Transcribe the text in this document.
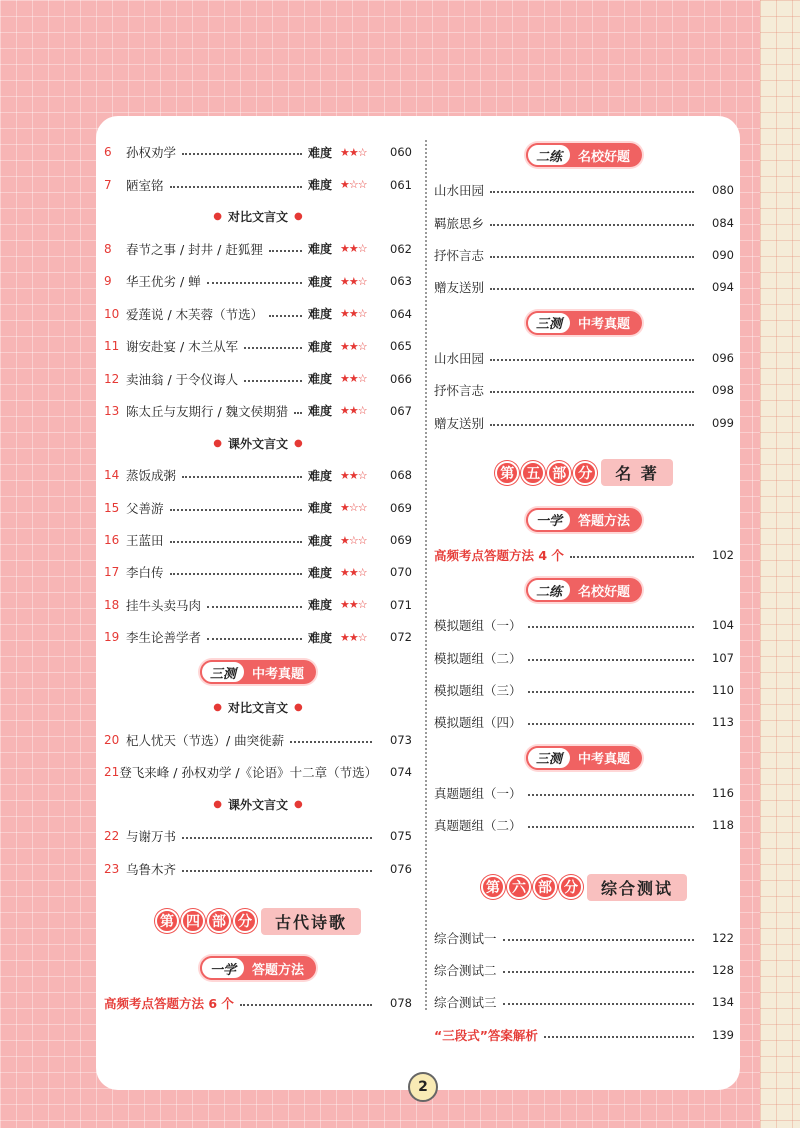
6	孙权劝学	难度 ★★☆	060
7	陋室铭	难度 ★☆☆	061
● 对比文言文 ●
8	春节之事 / 封井 / 赶狐狸	难度 ★★☆	062
9	华王优劣 / 蝉	难度 ★★☆	063
10 爱莲说 / 木芙蓉（节选）	难度 ★★☆	064
11 谢安赴宴 / 木兰从军	难度 ★★☆	065
12 卖油翁 / 于令仪诲人	难度 ★★☆	066
13 陈太丘与友期行 / 魏文侯期猎 难度 ★★☆	067
● 课外文言文 ●
14 蒸饭成粥	难度 ★★☆	068
15 父善游	难度 ★☆☆	069
16 王蓝田	难度 ★☆☆	069
17 李白传	难度 ★★☆	070
18 挂牛头卖马肉	难度 ★★☆	071
19 李生论善学者	难度 ★★☆	072
三测	中考真题
● 对比文言文 ●
20 杞人忧天（节选）/ 曲突徙薪	073
21 登飞来峰 / 孙权劝学 /《论语》十二章（节选） 074
● 课外文言文 ●
22 与谢万书	075
23 乌鲁木齐	076
第 四 部 分	古代诗歌
一学	答题方法
高频考点答题方法 6 个	078
二练	名校好题
山水田园	080
羁旅思乡	084
抒怀言志	090
赠友送别	094
三测	中考真题
山水田园	096
抒怀言志	098
赠友送别	099
第 五 部 分	名 著
一学	答题方法
高频考点答题方法 4 个	102
二练	名校好题
模拟题组（一）	104
模拟题组（二）	107
模拟题组（三）	110
模拟题组（四）	113
三测	中考真题
真题题组（一）	116
真题题组（二）	118
第 六 部 分	综合测试
综合测试一	122
综合测试二	128
综合测试三	134
“三段式”答案解析	139
2
